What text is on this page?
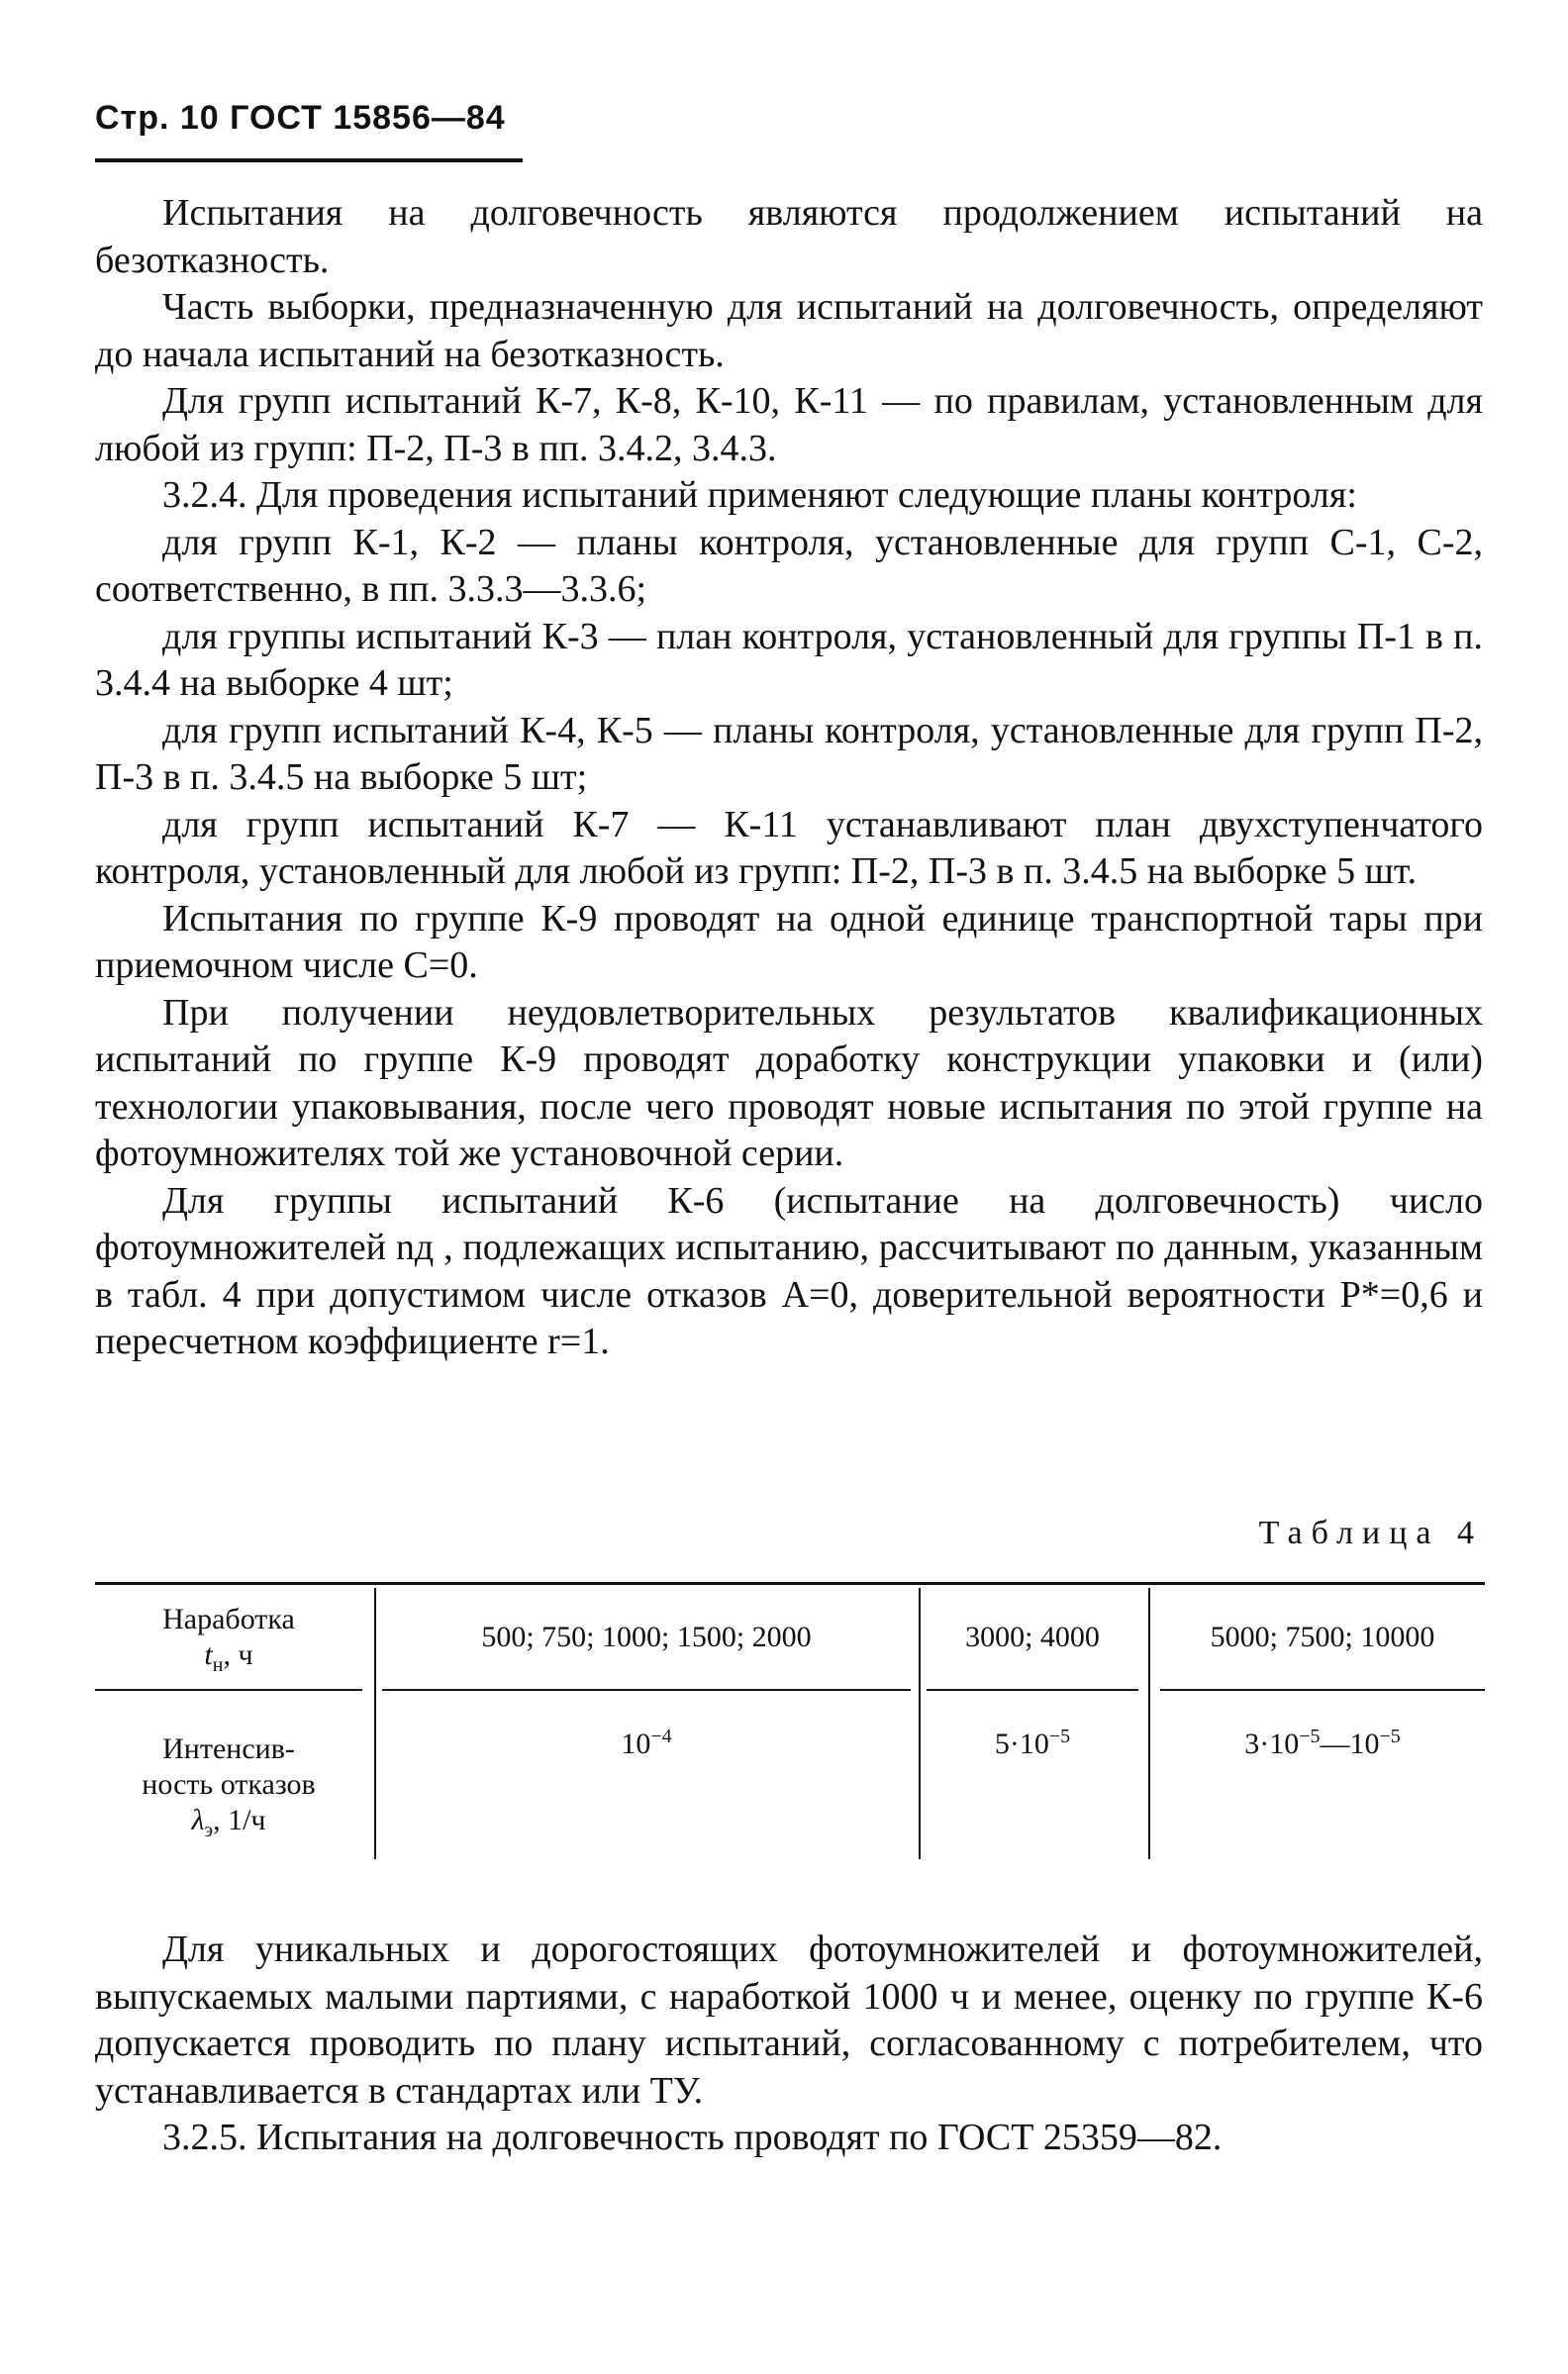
Стр. 10 ГОСТ 15856—84

Испытания на долговечность являются продолжением испытаний на безотказность.

Часть выборки, предназначенную для испытаний на долговечность, определяют до начала испытаний на безотказность.

Для групп испытаний К-7, К-8, К-10, К-11 — по правилам, установленным для любой из групп: П-2, П-3 в пп. 3.4.2, 3.4.3.

3.2.4. Для проведения испытаний применяют следующие планы контроля:

для групп К-1, К-2 — планы контроля, установленные для групп С-1, С-2, соответственно, в пп. 3.3.3—3.3.6;

для группы испытаний К-3 — план контроля, установленный для группы П-1 в п. 3.4.4 на выборке 4 шт;

для групп испытаний К-4, К-5 — планы контроля, установленные для групп П-2, П-3 в п. 3.4.5 на выборке 5 шт;

для групп испытаний К-7 — К-11 устанавливают план двухступенчатого контроля, установленный для любой из групп: П-2, П-3 в п. 3.4.5 на выборке 5 шт.

Испытания по группе К-9 проводят на одной единице транспортной тары при приемочном числе С=0.

При получении неудовлетворительных результатов квалификационных испытаний по группе К-9 проводят доработку конструкции упаковки и (или) технологии упаковывания, после чего проводят новые испытания по этой группе на фотоумножителях той же установочной серии.

Для группы испытаний К-6 (испытание на долговечность) число фотоумножителей nд , подлежащих испытанию, рассчитывают по данным, указанным в табл. 4 при допустимом числе отказов А=0, доверительной вероятности Р*=0,6 и пересчетном коэффициенте r=1.

Таблица 4
Наработка
$t_н$, ч
500; 750; 1000; 1500; 2000	3000; 4000	5000; 7500; 10000
Интенсив-
ность отказов
$\lambda_э$, 1/ч
$10^{-4}$	$5\cdot 10^{-5}$	$3\cdot 10^{-5}—10^{-5}$

Для уникальных и дорогостоящих фотоумножителей и фотоумножителей, выпускаемых малыми партиями, с наработкой 1000 ч и менее, оценку по группе К-6 допускается проводить по плану испытаний, согласованному с потребителем, что устанавливается в стандартах или ТУ.

3.2.5. Испытания на долговечность проводят по ГОСТ 25359—82.
